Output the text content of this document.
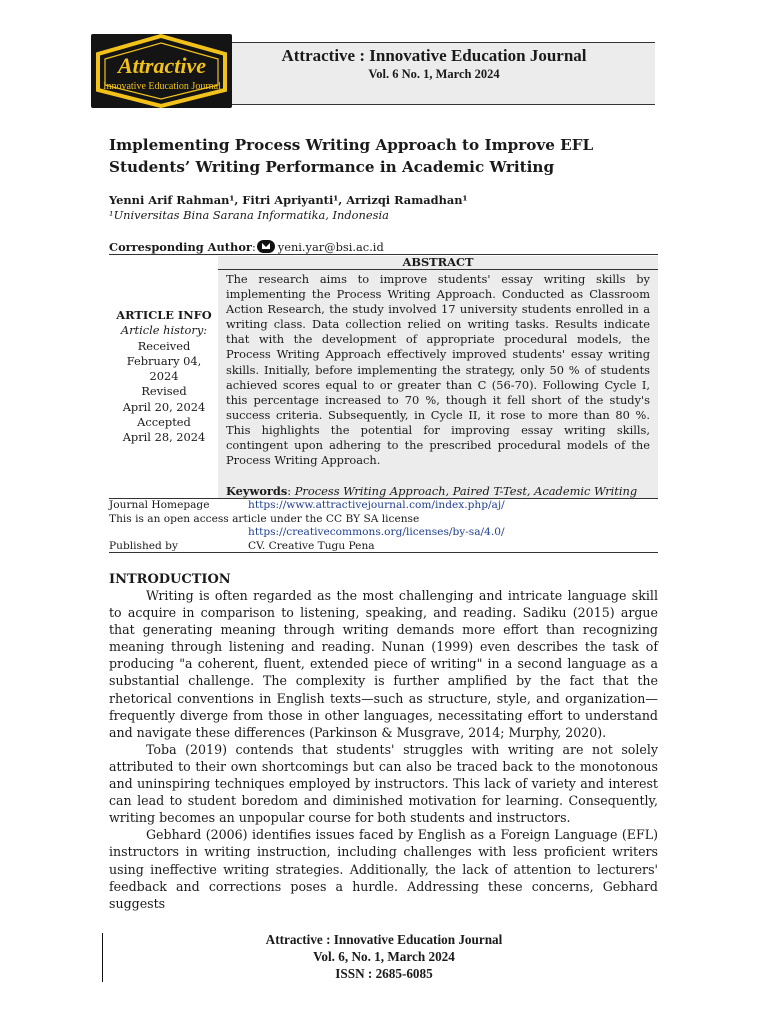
Attractive
Innovative Education Journal
Attractive : Innovative Education Journal
Vol. 6 No. 1, March 2024
Implementing Process Writing Approach to Improve EFL Students’ Writing Performance in Academic Writing
Yenni Arif Rahman¹, Fitri Apriyanti¹, Arrizqi Ramadhan¹
¹Universitas Bina Sarana Informatika, Indonesia
Corresponding Author: yeni.yar@bsi.ac.id
ABSTRACT
The research aims to improve students' essay writing skills by implementing the Process Writing Approach. Conducted as Classroom Action Research, the study involved 17 university students enrolled in a writing class. Data collection relied on writing tasks. Results indicate that with the development of appropriate procedural models, the Process Writing Approach effectively improved students' essay writing skills. Initially, before implementing the strategy, only 50 % of students achieved scores equal to or greater than C (56-70). Following Cycle I, this percentage increased to 70 %, though it fell short of the study's success criteria. Subsequently, in Cycle II, it rose to more than 80 %. This highlights the potential for improving essay writing skills, contingent upon adhering to the prescribed procedural models of the Process Writing Approach.
Keywords: Process Writing Approach, Paired T-Test, Academic Writing
ARTICLE INFO
Article history:
Received
February 04, 2024
Revised
April 20, 2024
Accepted
April 28, 2024
Journal Homepage	https://www.attractivejournal.com/index.php/aj/
This is an open access article under the CC BY SA license
https://creativecommons.org/licenses/by-sa/4.0/
Published by	CV. Creative Tugu Pena
INTRODUCTION

Writing is often regarded as the most challenging and intricate language skill to acquire in comparison to listening, speaking, and reading. Sadiku (2015) argue that generating meaning through writing demands more effort than recognizing meaning through listening and reading. Nunan (1999) even describes the task of producing "a coherent, fluent, extended piece of writing" in a second language as a substantial challenge. The complexity is further amplified by the fact that the rhetorical conventions in English texts—such as structure, style, and organization—frequently diverge from those in other languages, necessitating effort to understand and navigate these differences (Parkinson & Musgrave, 2014; Murphy, 2020).

Toba (2019) contends that students' struggles with writing are not solely attributed to their own shortcomings but can also be traced back to the monotonous and uninspiring techniques employed by instructors. This lack of variety and interest can lead to student boredom and diminished motivation for learning. Consequently, writing becomes an unpopular course for both students and instructors.

Gebhard (2006) identifies issues faced by English as a Foreign Language (EFL) instructors in writing instruction, including challenges with less proficient writers using ineffective writing strategies. Additionally, the lack of attention to lecturers' feedback and corrections poses a hurdle. Addressing these concerns, Gebhard suggests

Attractive : Innovative Education Journal
Vol. 6, No. 1, March 2024
ISSN : 2685-6085
